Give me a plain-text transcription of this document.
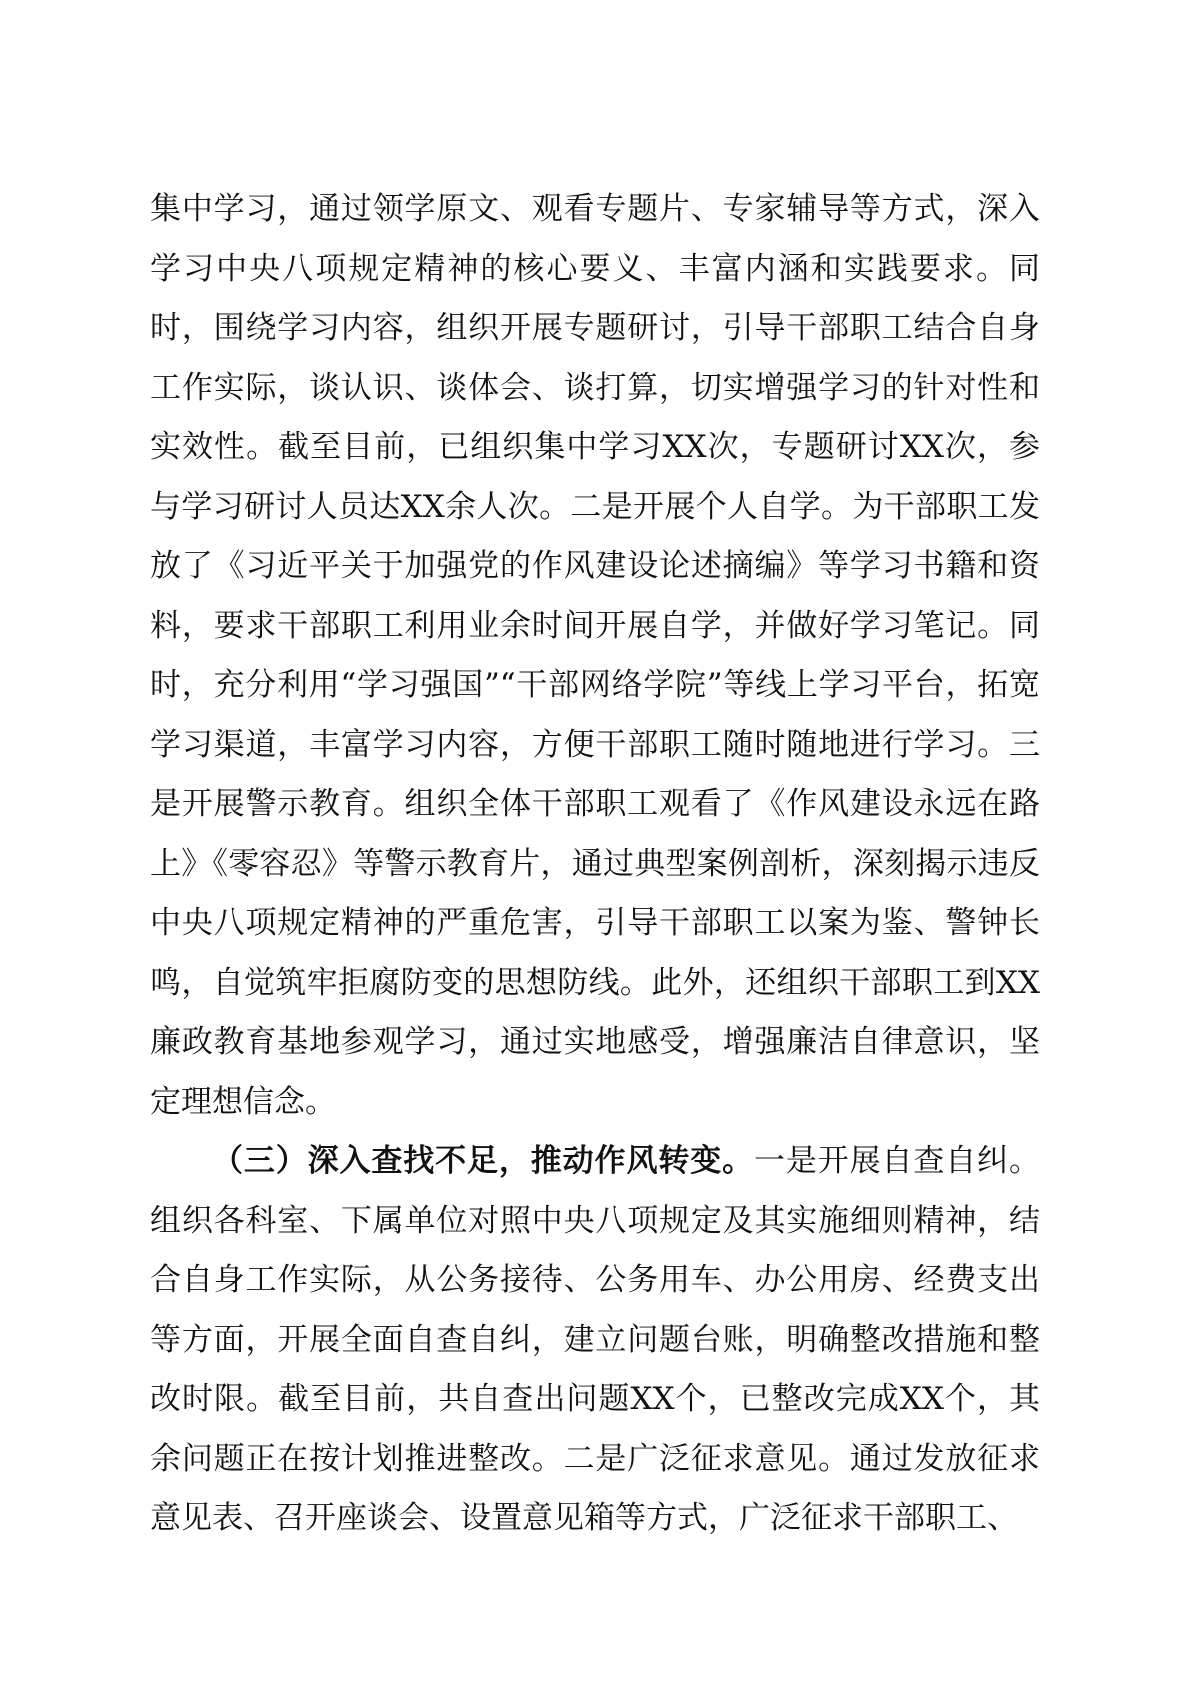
集中学习，通过领学原文、观看专题片、专家辅导等方式，深入学习中央八项规定精神的核心要义、丰富内涵和实践要求。同时，围绕学习内容，组织开展专题研讨，引导干部职工结合自身工作实际，谈认识、谈体会、谈打算，切实增强学习的针对性和实效性。截至目前，已组织集中学习XX次，专题研讨XX次，参与学习研讨人员达XX余人次。二是开展个人自学。为干部职工发放了《习近平关于加强党的作风建设论述摘编》等学习书籍和资料，要求干部职工利用业余时间开展自学，并做好学习笔记。同时，充分利用“学习强国”“干部网络学院”等线上学习平台，拓宽学习渠道，丰富学习内容，方便干部职工随时随地进行学习。三是开展警示教育。组织全体干部职工观看了《作风建设永远在路上》《零容忍》等警示教育片，通过典型案例剖析，深刻揭示违反中央八项规定精神的严重危害，引导干部职工以案为鉴、警钟长鸣，自觉筑牢拒腐防变的思想防线。此外，还组织干部职工到XX廉政教育基地参观学习，通过实地感受，增强廉洁自律意识，坚定理想信念。

（三）深入查找不足，推动作风转变。一是开展自查自纠。组织各科室、下属单位对照中央八项规定及其实施细则精神，结合自身工作实际，从公务接待、公务用车、办公用房、经费支出等方面，开展全面自查自纠，建立问题台账，明确整改措施和整改时限。截至目前，共自查出问题XX个，已整改完成XX个，其余问题正在按计划推进整改。二是广泛征求意见。通过发放征求意见表、召开座谈会、设置意见箱等方式，广泛征求干部职工、
